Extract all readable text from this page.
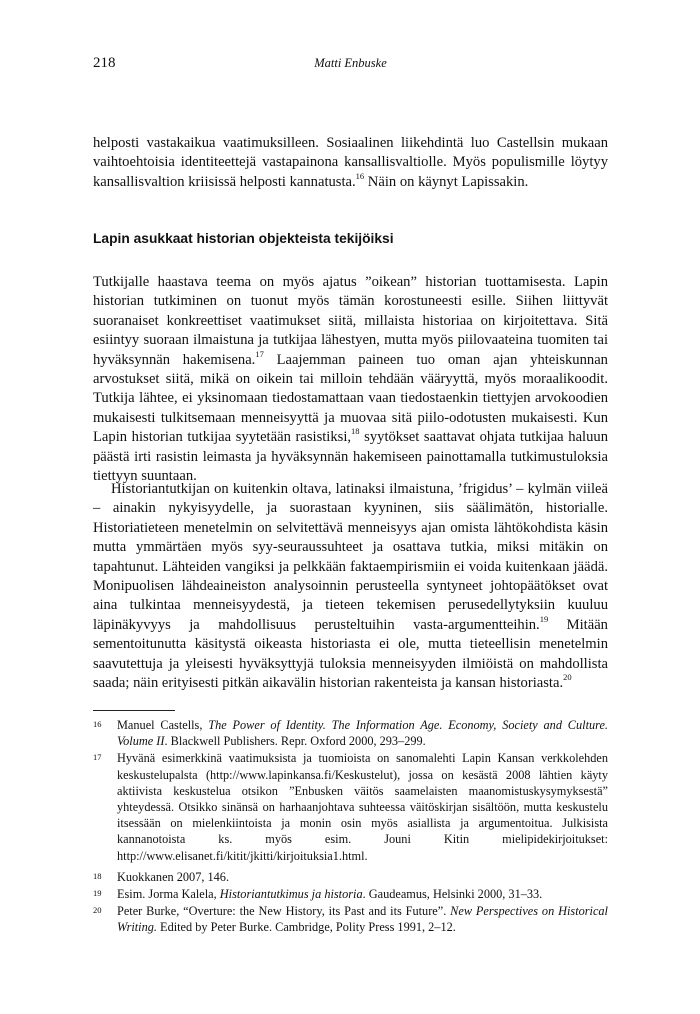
218	Matti Enbuske

helposti vastakaikua vaatimuksilleen. Sosiaalinen liikehdintä luo Castellsin mukaan vaihtoehtoisia identiteettejä vastapainona kansallisvaltiolle. Myös populismille löytyy kansallisvaltion kriisissä helposti kannatusta.$^{16}$ Näin on käynyt Lapissakin.

Lapin asukkaat historian objekteista tekijöiksi

Tutkijalle haastava teema on myös ajatus ”oikean” historian tuottamisesta. Lapin historian tutkiminen on tuonut myös tämän korostuneesti esille. Siihen liittyvät suoranaiset konkreettiset vaatimukset siitä, millaista historiaa on kirjoitettava. Sitä esiintyy suoraan ilmaistuna ja tutkijaa lähestyen, mutta myös piilovaateina tuomiten tai hyväksynnän hakemisena.$^{17}$ Laajemman paineen tuo oman ajan yhteiskunnan arvostukset siitä, mikä on oikein tai milloin tehdään vääryyttä, myös moraalikoodit. Tutkija lähtee, ei yksinomaan tiedostamattaan vaan tiedostaenkin tiettyjen arvokoodien mukaisesti tulkitsemaan menneisyyttä ja muovaa sitä piilo-odotusten mukaisesti. Kun Lapin historian tutkijaa syytetään rasistiksi,$^{18}$ syytökset saattavat ohjata tutkijaa haluun päästä irti rasistin leimasta ja hyväksynnän hakemiseen painottamalla tutkimustuloksia tiettyyn suuntaan.

Historiantutkijan on kuitenkin oltava, latinaksi ilmaistuna, ’frigidus’ – kylmän viileä – ainakin nykyisyydelle, ja suorastaan kyyninen, siis säälimätön, historialle. Historiatieteen menetelmin on selvitettävä menneisyys ajan omista lähtökohdista käsin mutta ymmärtäen myös syy-seuraussuhteet ja osattava tutkia, miksi mitäkin on tapahtunut. Lähteiden vangiksi ja pelkkään faktaempirismiin ei voida kuitenkaan jäädä. Monipuolisen lähdeaineiston analysoinnin perusteella syntyneet johtopäätökset ovat aina tulkintaa menneisyydestä, ja tieteen tekemisen perusedellytyksiin kuuluu läpinäkyvyys ja mahdollisuus perusteltuihin vasta-argumentteihin.$^{19}$ Mitään sementoitunutta käsitystä oikeasta historiasta ei ole, mutta tieteellisin menetelmin saavutettuja ja yleisesti hyväksyttyjä tuloksia menneisyyden ilmiöistä on mahdollista saada; näin erityisesti pitkän aikavälin historian rakenteista ja kansan historiasta.$^{20}$

16 Manuel Castells, The Power of Identity. The Information Age. Economy, Society and Culture. Volume II. Blackwell Publishers. Repr. Oxford 2000, 293–299.
17 Hyvänä esimerkkinä vaatimuksista ja tuomioista on sanomalehti Lapin Kansan verkkolehden keskustelupalsta (http://www.lapinkansa.fi/Keskustelut), jossa on kesästä 2008 lähtien käyty aktiivista keskustelua otsikon ”Enbusken väitös saamelaisten maanomistuskysymyksestä” yhteydessä. Otsikko sinänsä on harhaanjohtava suhteessa väitöskirjan sisältöön, mutta keskustelu itsessään on mielenkiintoista ja monin osin myös asiallista ja argumentoitua. Julkisista kannanotoista ks. myös esim. Jouni Kitin mielipidekirjoitukset: http://www.elisanet.fi/kitit/jkitti/kirjoituksia1.html.
18 Kuokkanen 2007, 146.
19 Esim. Jorma Kalela, Historiantutkimus ja historia. Gaudeamus, Helsinki 2000, 31–33.
20 Peter Burke, “Overture: the New History, its Past and its Future”. New Perspectives on Historical Writing. Edited by Peter Burke. Cambridge, Polity Press 1991, 2–12.
